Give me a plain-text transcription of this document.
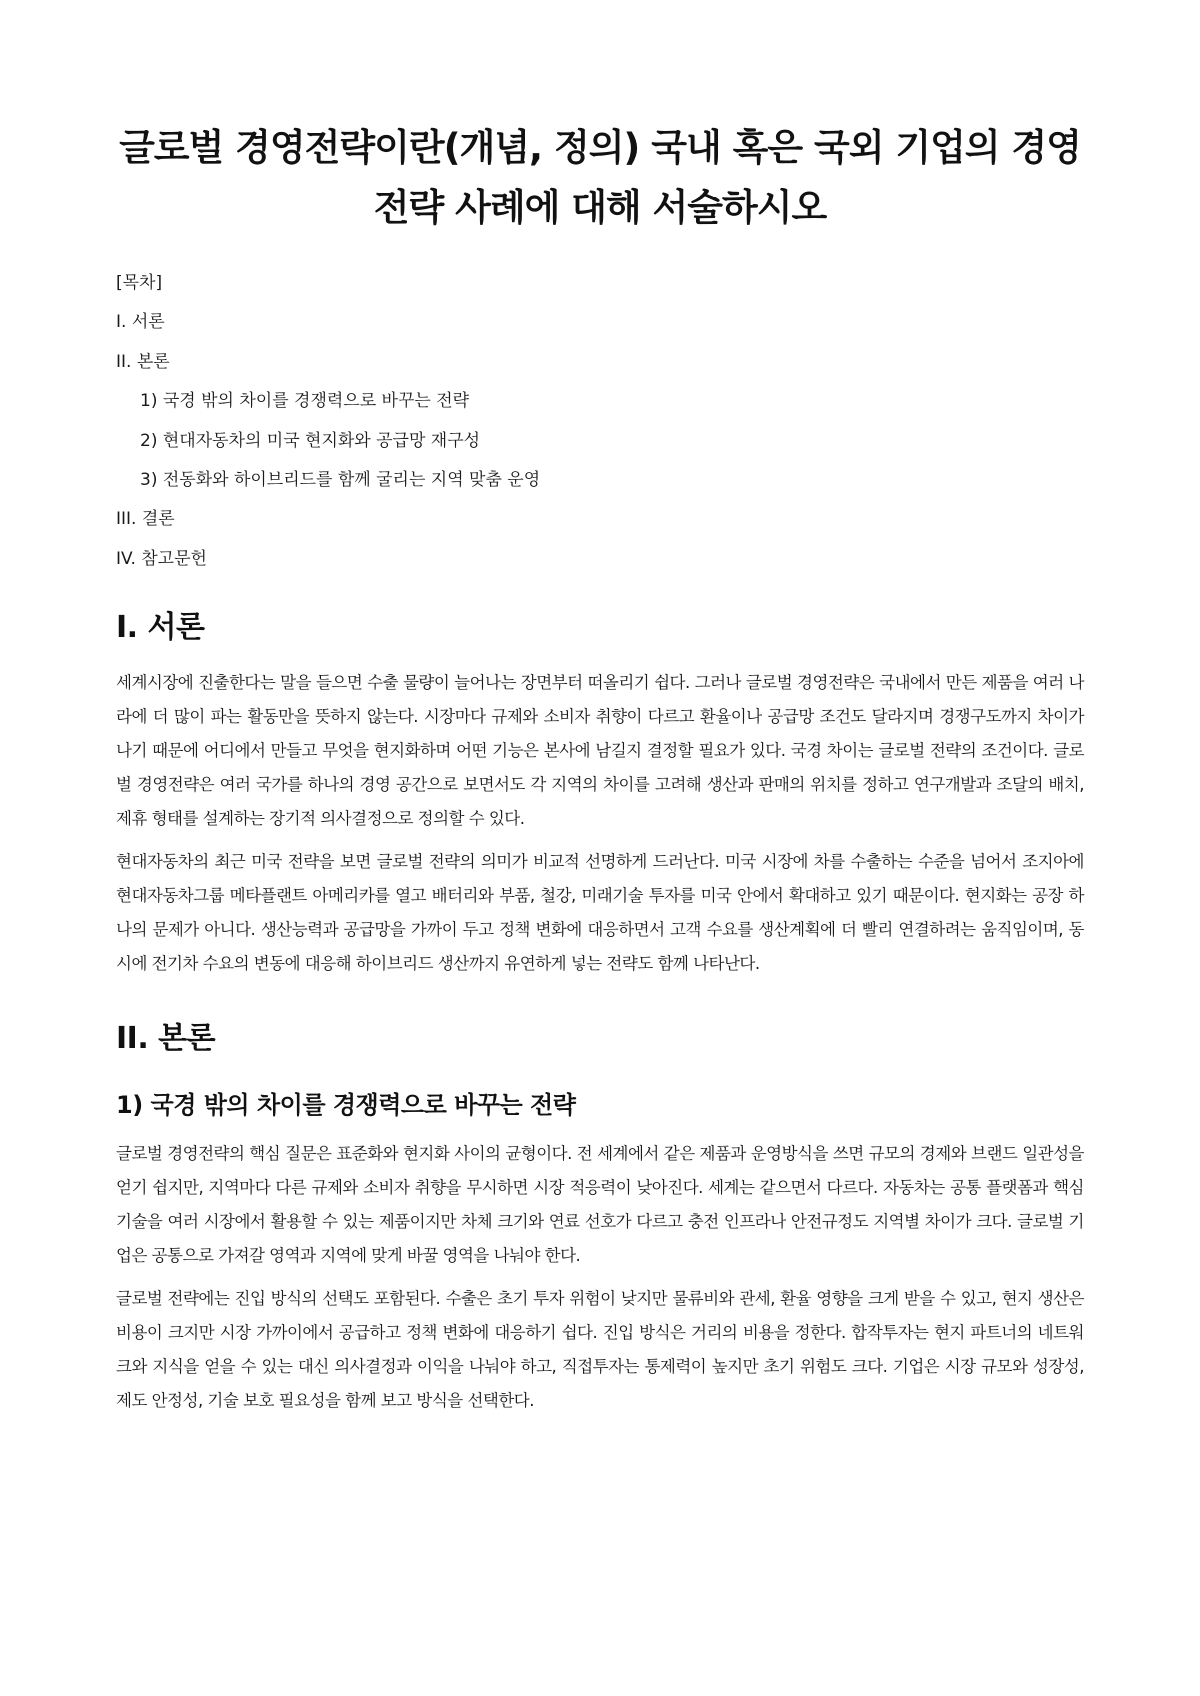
글로벌 경영전략이란(개념, 정의) 국내 혹은 국외 기업의 경영 전략 사례에 대해 서술하시오
[목차]
I. 서론
II. 본론
1) 국경 밖의 차이를 경쟁력으로 바꾸는 전략
2) 현대자동차의 미국 현지화와 공급망 재구성
3) 전동화와 하이브리드를 함께 굴리는 지역 맞춤 운영
III. 결론
IV. 참고문헌
I. 서론

세계시장에 진출한다는 말을 들으면 수출 물량이 늘어나는 장면부터 떠올리기 쉽다. 그러나 글로벌 경영전략은 국내에서 만든 제품을 여러 나라에 더 많이 파는 활동만을 뜻하지 않는다. 시장마다 규제와 소비자 취향이 다르고 환율이나 공급망 조건도 달라지며 경쟁구도까지 차이가 나기 때문에 어디에서 만들고 무엇을 현지화하며 어떤 기능은 본사에 남길지 결정할 필요가 있다. 국경 차이는 글로벌 전략의 조건이다. 글로벌 경영전략은 여러 국가를 하나의 경영 공간으로 보면서도 각 지역의 차이를 고려해 생산과 판매의 위치를 정하고 연구개발과 조달의 배치, 제휴 형태를 설계하는 장기적 의사결정으로 정의할 수 있다.

현대자동차의 최근 미국 전략을 보면 글로벌 전략의 의미가 비교적 선명하게 드러난다. 미국 시장에 차를 수출하는 수준을 넘어서 조지아에 현대자동차그룹 메타플랜트 아메리카를 열고 배터리와 부품, 철강, 미래기술 투자를 미국 안에서 확대하고 있기 때문이다. 현지화는 공장 하나의 문제가 아니다. 생산능력과 공급망을 가까이 두고 정책 변화에 대응하면서 고객 수요를 생산계획에 더 빨리 연결하려는 움직임이며, 동시에 전기차 수요의 변동에 대응해 하이브리드 생산까지 유연하게 넣는 전략도 함께 나타난다.

II. 본론
1) 국경 밖의 차이를 경쟁력으로 바꾸는 전략

글로벌 경영전략의 핵심 질문은 표준화와 현지화 사이의 균형이다. 전 세계에서 같은 제품과 운영방식을 쓰면 규모의 경제와 브랜드 일관성을 얻기 쉽지만, 지역마다 다른 규제와 소비자 취향을 무시하면 시장 적응력이 낮아진다. 세계는 같으면서 다르다. 자동차는 공통 플랫폼과 핵심기술을 여러 시장에서 활용할 수 있는 제품이지만 차체 크기와 연료 선호가 다르고 충전 인프라나 안전규정도 지역별 차이가 크다. 글로벌 기업은 공통으로 가져갈 영역과 지역에 맞게 바꿀 영역을 나눠야 한다.

글로벌 전략에는 진입 방식의 선택도 포함된다. 수출은 초기 투자 위험이 낮지만 물류비와 관세, 환율 영향을 크게 받을 수 있고, 현지 생산은 비용이 크지만 시장 가까이에서 공급하고 정책 변화에 대응하기 쉽다. 진입 방식은 거리의 비용을 정한다. 합작투자는 현지 파트너의 네트워크와 지식을 얻을 수 있는 대신 의사결정과 이익을 나눠야 하고, 직접투자는 통제력이 높지만 초기 위험도 크다. 기업은 시장 규모와 성장성, 제도 안정성, 기술 보호 필요성을 함께 보고 방식을 선택한다.
